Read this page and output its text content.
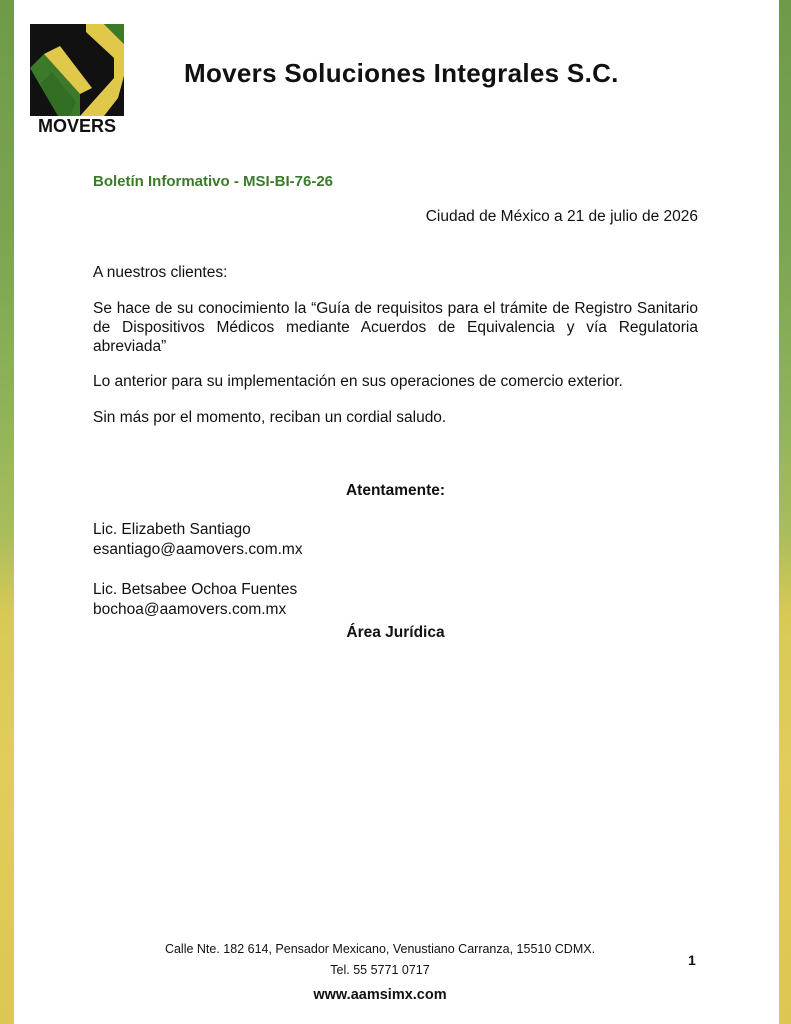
MOVERS
Movers Soluciones Integrales S.C.
Boletín Informativo - MSI-BI-76-26
Ciudad de México a 21 de julio de 2026
A nuestros clientes:
Se hace de su conocimiento la “Guía de requisitos para el trámite de Registro Sanitario de Dispositivos Médicos mediante Acuerdos de Equivalencia y vía Regulatoria abreviada”
Lo anterior para su implementación en sus operaciones de comercio exterior.
Sin más por el momento, reciban un cordial saludo.
Atentamente:
Lic. Elizabeth Santiago
esantiago@aamovers.com.mx
Lic. Betsabee Ochoa Fuentes
bochoa@aamovers.com.mx
Área Jurídica
Calle Nte. 182 614, Pensador Mexicano, Venustiano Carranza, 15510 CDMX.
Tel. 55 5771 0717
www.aamsimx.com
1
